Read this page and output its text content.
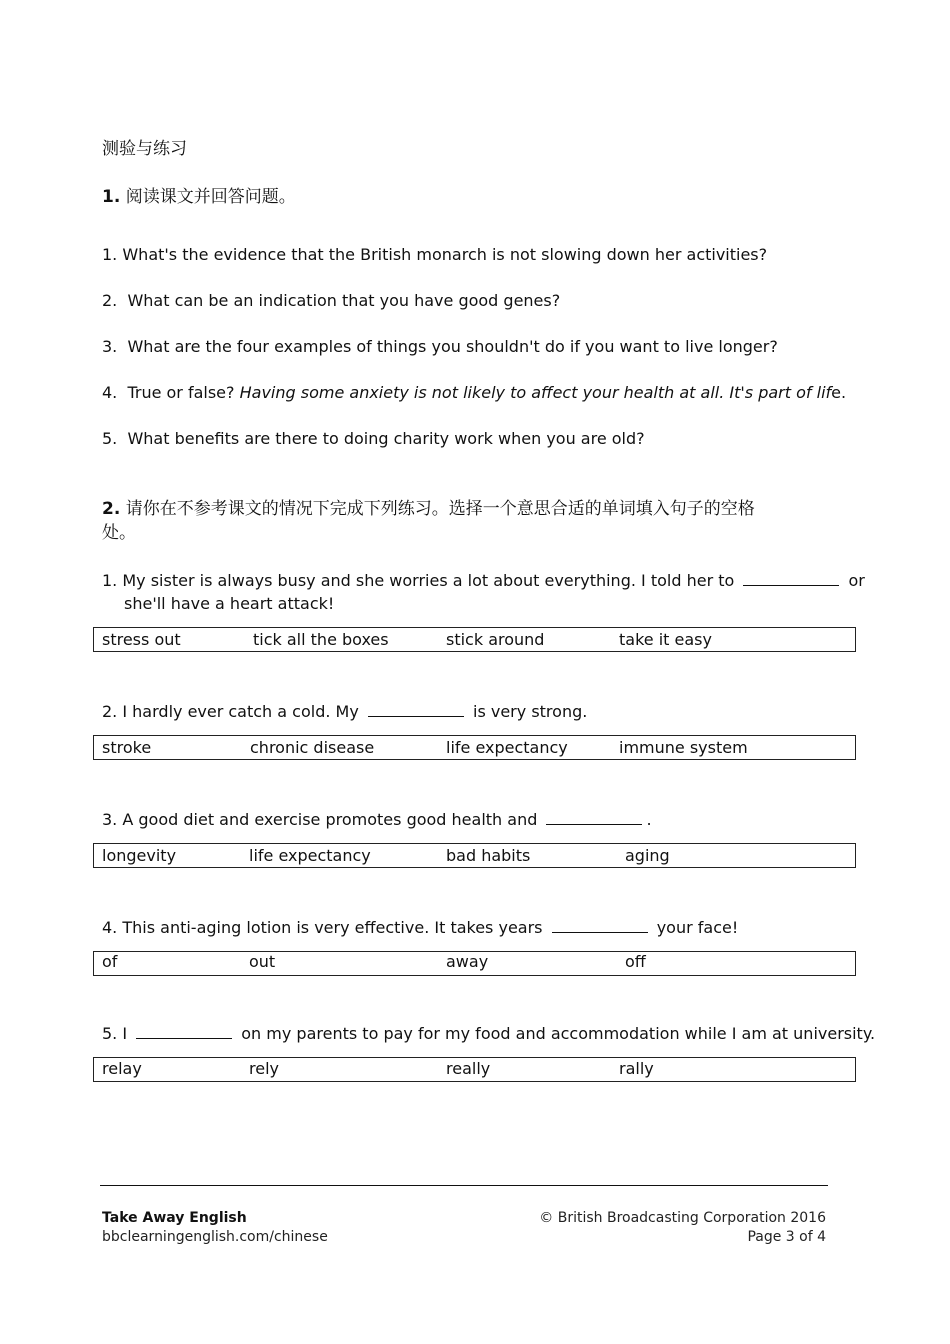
测验与练习
1. 阅读课文并回答问题。
1. What's the evidence that the British monarch is not slowing down her activities?
2. What can be an indication that you have good genes?
3. What are the four examples of things you shouldn't do if you want to live longer?
4. True or false? Having some anxiety is not likely to affect your health at all. It's part of life.
5. What benefits are there to doing charity work when you are old?
2. 请你在不参考课文的情况下完成下列练习。选择一个意思合适的单词填入句子的空格
处。
1. My sister is always busy and she worries a lot about everything. I told her to	or
she'll have a heart attack!
stress out	tick all the boxes	stick around	take it easy
2. I hardly ever catch a cold. My	is very strong.
stroke	chronic disease	life expectancy	immune system
3. A good diet and exercise promotes good health and	.
longevity	life expectancy	bad habits	aging
4. This anti-aging lotion is very effective. It takes years	your face!
of	out	away	off
5. I	on my parents to pay for my food and accommodation while I am at university.
relay	rely	really	rally
Take Away English
bbclearningenglish.com/chinese
© British Broadcasting Corporation 2016
Page 3 of 4
